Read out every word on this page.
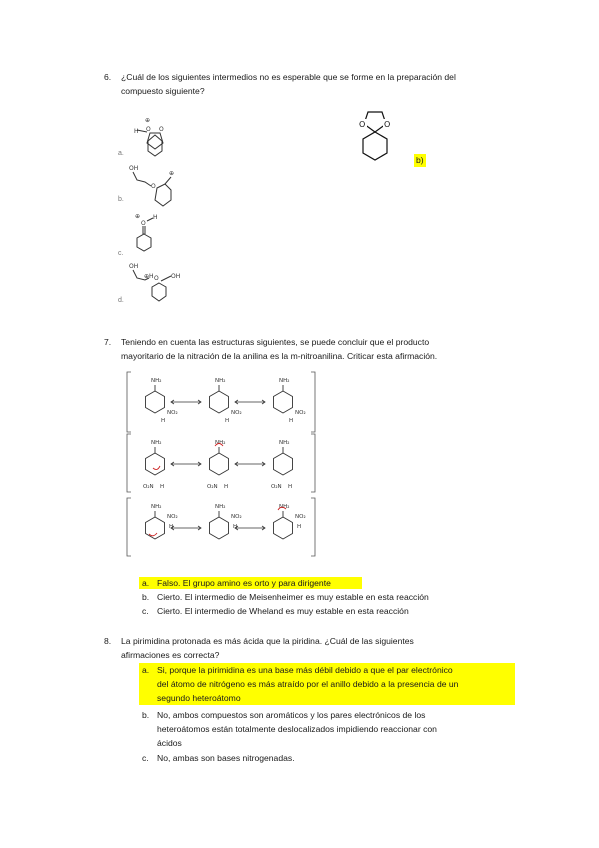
6. ¿Cuál de los siguientes intermedios no es esperable que se forme en la preparación del
compuesto siguiente?
a.
b.
c.
d.
H
⊕
O O
OH
O
⊕
⊕
O
H
OH
⊕ H O OH
O O
b)
7. Teniendo en cuenta las estructuras siguientes, se puede concluir que el producto
mayoritario de la nitración de la anilina es la m-nitroanilina. Criticar esta afirmación.
NH₂
NO₂
H
NH₂
NO₂
H
NH₂
NO₂
H
NH₂
O₂N H
NH₂
O₂N H
NH₂
O₂N H
NH₂
NO₂
H
NH₂
NO₂
H
NH₂
NO₂
H
a. Falso. El grupo amino es orto y para dirigente
b. Cierto. El intermedio de Meisenheimer es muy estable en esta reacción
c. Cierto. El intermedio de Wheland es muy estable en esta reacción
8. La pirimidina protonada es más ácida que la piridina. ¿Cuál de las siguientes
afirmaciones es correcta?
a. Si, porque la pirimidina es una base más débil debido a que el par electrónico
del átomo de nitrógeno es más atraído por el anillo debido a la presencia de un
segundo heteroátomo
b. No, ambos compuestos son aromáticos y los pares electrónicos de los
heteroátomos están totalmente deslocalizados impidiendo reaccionar con
ácidos
c. No, ambas son bases nitrogenadas.
